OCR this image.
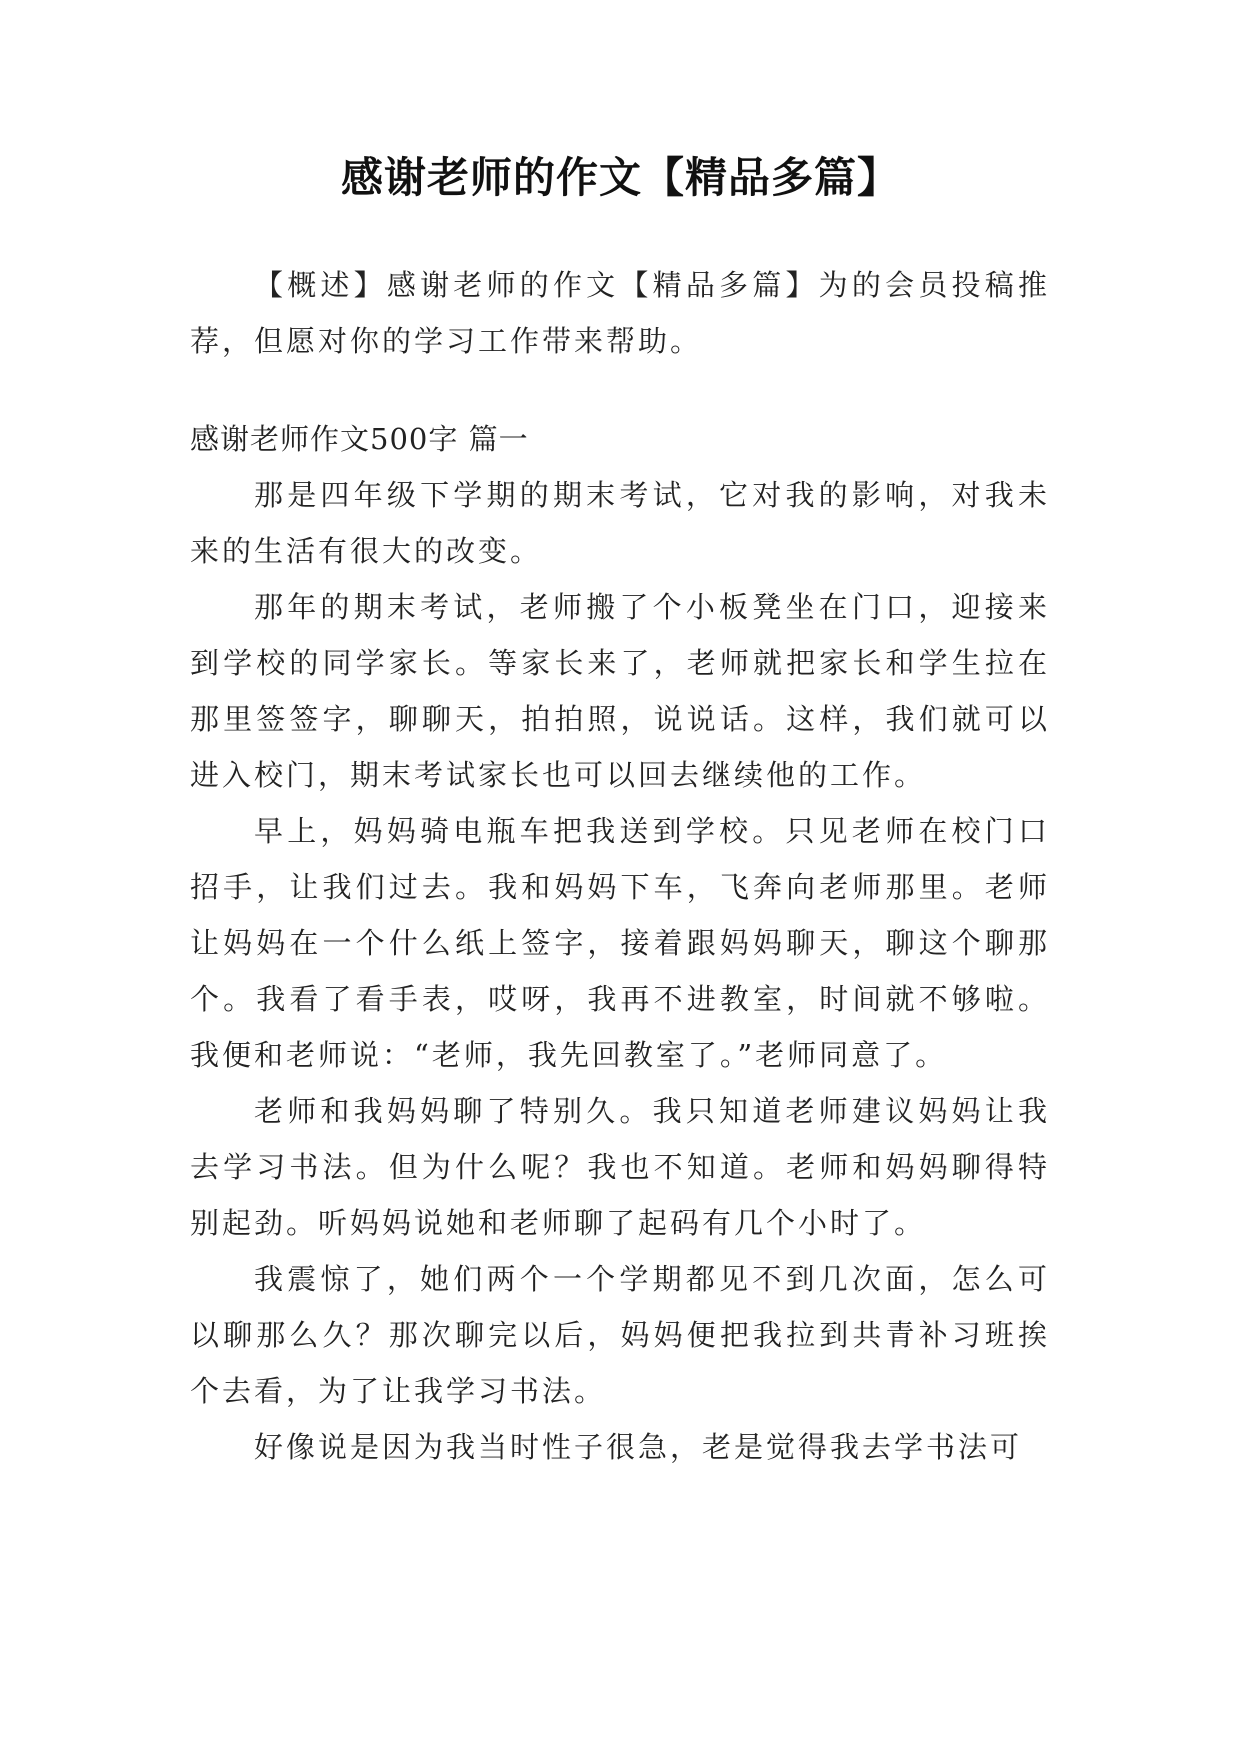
感谢老师的作文【精品多篇】

【概述】感谢老师的作文【精品多篇】为的会员投稿推荐，但愿对你的学习工作带来帮助。

感谢老师作文500字 篇一

那是四年级下学期的期末考试，它对我的影响，对我未来的生活有很大的改变。

那年的期末考试，老师搬了个小板凳坐在门口，迎接来到学校的同学家长。等家长来了，老师就把家长和学生拉在那里签签字，聊聊天，拍拍照，说说话。这样，我们就可以进入校门，期末考试家长也可以回去继续他的工作。

早上，妈妈骑电瓶车把我送到学校。只见老师在校门口招手，让我们过去。我和妈妈下车，飞奔向老师那里。老师让妈妈在一个什么纸上签字，接着跟妈妈聊天，聊这个聊那个。我看了看手表，哎呀，我再不进教室，时间就不够啦。我便和老师说：“老师，我先回教室了。”老师同意了。

老师和我妈妈聊了特别久。我只知道老师建议妈妈让我去学习书法。但为什么呢？我也不知道。老师和妈妈聊得特别起劲。听妈妈说她和老师聊了起码有几个小时了。

我震惊了，她们两个一个学期都见不到几次面，怎么可以聊那么久？那次聊完以后，妈妈便把我拉到共青补习班挨个去看，为了让我学习书法。

好像说是因为我当时性子很急，老是觉得我去学书法可
